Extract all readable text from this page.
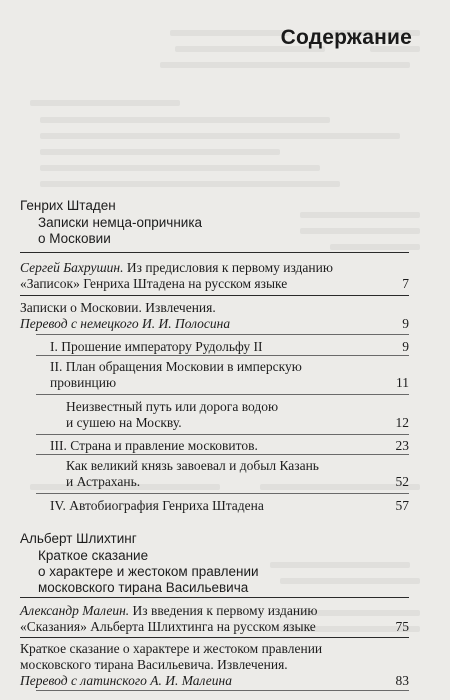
Содержание
Генрих Штаден
Записки немца-опричника
о Московии
Сергей Бахрушин. Из предисловия к первому изданию
«Записок» Генриха Штадена на русском языке	7
Записки о Московии. Извлечения.
Перевод с немецкого И. И. Полосина	9
I. Прошение императору Рудольфу II	9
II. План обращения Московии в имперскую
провинцию	11
Неизвестный путь или дорога водою
и сушею на Москву.	12
III. Страна и правление московитов.	23
Как великий князь завоевал и добыл Казань
и Астрахань.	52
IV. Автобиография Генриха Штадена	57
Альберт Шлихтинг
Краткое сказание
о характере и жестоком правлении
московского тирана Васильевича
Александр Малеин. Из введения к первому изданию
«Сказания» Альберта Шлихтинга на русском языке	75
Краткое сказание о характере и жестоком правлении
московского тирана Васильевича. Извлечения.
Перевод с латинского А. И. Малеина	83
